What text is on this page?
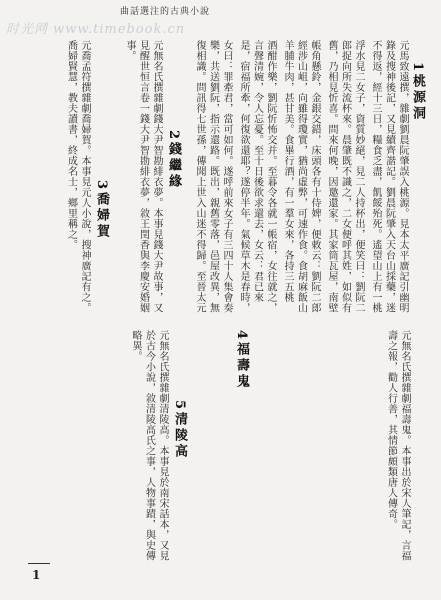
曲話選注的古典小說
时光网 www.timebook.cn
1桃源洞
元馬致遠撰，雜劇劉晨阮肇誤入桃源。見本太平廣記引幽明錄及搜神後記，又見續齊諧記。劉晨阮肇入天台山採藥，迷不得返，經十三日，糧食乏盡，飢餒殆死。遙望山上有一桃
浮水見二女子，資質妙絕，見二人持杯出，便笑曰：劉阮二郎捉向所失流杯來。晨肇既不識之，二女便呼其姓，如似有舊，乃相見忻喜。問來何晚，因邀還家。其家筒瓦屋，南壁
帳角懸鈴，金銀交錯，床頭各有十侍婢，便敕云：劉阮二郎經涉山岨，向雖得瓊實，猶尚虛弊，可速作食。食胡麻飯山羊脯牛肉，甚甘美。食畢行酒，有一羣女來，各持三五桃
酒酣作樂，劉阮忻怖交并。至暮令各就一帳宿，女往就之，言聲清婉，令人忘憂。至十日後欲求還去，女云：君已來是，宿福所牽，何復欲還耶？遂停半年。氣候草木是春時，
女曰：罪牽君，當可如何。遂呼前來女子有三四十人集會奏樂，共送劉阮，指示還路。既出，親舊零落，邑屋改異，無復相識。問訊得七世孫，傳聞上世入山迷不得歸。至晉太元
2錢繼緣
元無名氏撰雜劇錢大尹智勘緋衣夢。本事見錢大尹故事，又見醒世恒言卷一錢大尹智勘緋衣夢，敘王閏香與李慶安婚姻事。
3喬婦賀
元喬孟符撰雜劇喬婦賀。本事見元人小說，搜神廣記有之。喬婦賢慧，教夫讀書，終成名士，鄉里稱之。
4福壽鬼	元無名氏撰雜劇福壽鬼。本事出於宋人筆記，言福壽之報，勸人行善，其情節頗類唐人傳奇。
5清陵高
元無名氏撰雜劇清陵高。本事見於南宋話本，又見於古今小說，敘清陵高氏之事，人物事蹟，與史傳略異。
1
